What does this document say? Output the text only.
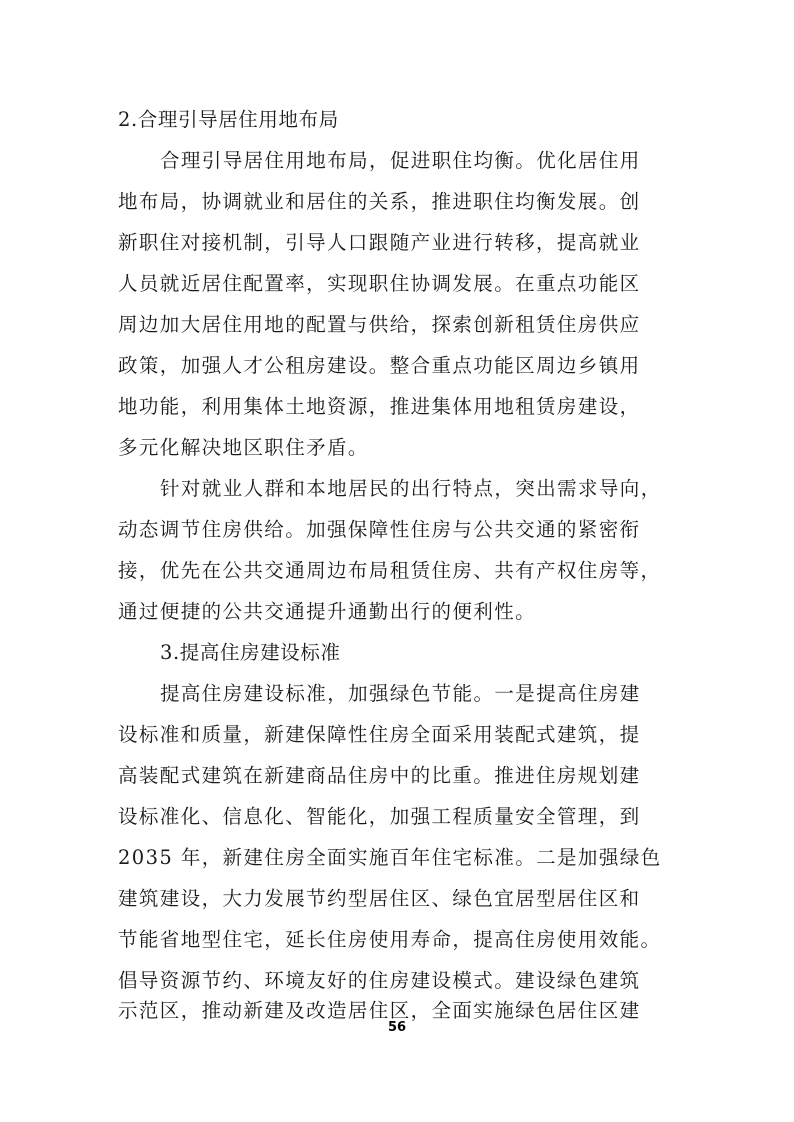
2.合理引导居住用地布局
合理引导居住用地布局，促进职住均衡。优化居住用
地布局，协调就业和居住的关系，推进职住均衡发展。创
新职住对接机制，引导人口跟随产业进行转移，提高就业
人员就近居住配置率，实现职住协调发展。在重点功能区
周边加大居住用地的配置与供给，探索创新租赁住房供应
政策，加强人才公租房建设。整合重点功能区周边乡镇用
地功能，利用集体土地资源，推进集体用地租赁房建设，
多元化解决地区职住矛盾。
针对就业人群和本地居民的出行特点，突出需求导向，
动态调节住房供给。加强保障性住房与公共交通的紧密衔
接，优先在公共交通周边布局租赁住房、共有产权住房等，
通过便捷的公共交通提升通勤出行的便利性。
3.提高住房建设标准
提高住房建设标准，加强绿色节能。一是提高住房建
设标准和质量，新建保障性住房全面采用装配式建筑，提
高装配式建筑在新建商品住房中的比重。推进住房规划建
设标准化、信息化、智能化，加强工程质量安全管理，到
2035 年，新建住房全面实施百年住宅标准。二是加强绿色
建筑建设，大力发展节约型居住区、绿色宜居型居住区和
节能省地型住宅，延长住房使用寿命，提高住房使用效能。
倡导资源节约、环境友好的住房建设模式。建设绿色建筑
示范区，推动新建及改造居住区，全面实施绿色居住区建
56
